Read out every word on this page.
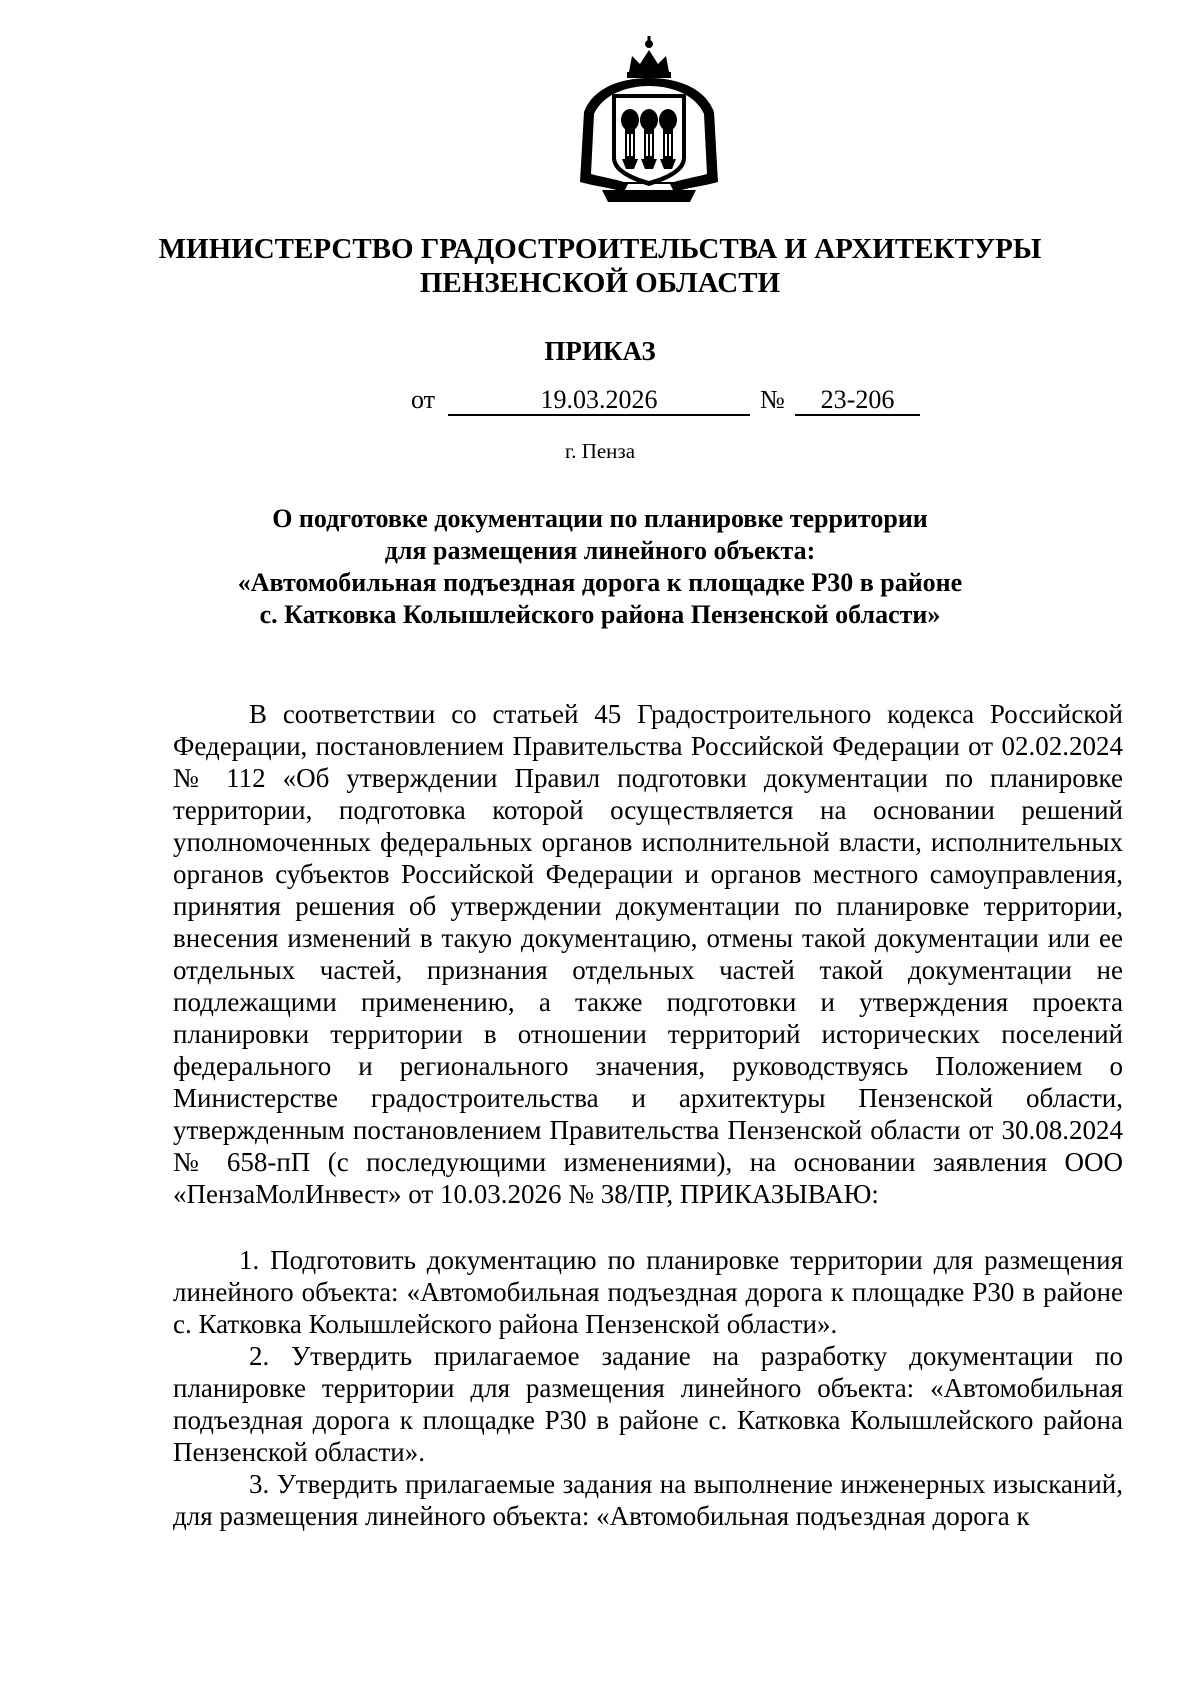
МИНИСТЕРСТВО ГРАДОСТРОИТЕЛЬСТВА И АРХИТЕКТУРЫ
ПЕНЗЕНСКОЙ ОБЛАСТИ
ПРИКАЗ
от	19.03.2026	№	23-206
г. Пенза
О подготовке документации по планировке территории
для размещения линейного объекта:
«Автомобильная подъездная дорога к площадке Р30 в районе
с. Катковка Колышлейского района Пензенской области»

В соответствии со статьей 45 Градостроительного кодекса Российской Федерации, постановлением Правительства Российской Федерации от 02.02.2024 № 112 «Об утверждении Правил подготовки документации по планировке территории, подготовка которой осуществляется на основании решений уполномоченных федеральных органов исполнительной власти, исполнительных органов субъектов Российской Федерации и органов местного самоуправления, принятия решения об утверждении документации по планировке территории, внесения изменений в такую документацию, отмены такой документации или ее отдельных частей, признания отдельных частей такой документации не подлежащими применению, а также подготовки и утверждения проекта планировки территории в отношении территорий исторических поселений федерального и регионального значения, руководствуясь Положением о Министерстве градостроительства и архитектуры Пензенской области, утвержденным постановлением Правительства Пензенской области от 30.08.2024 № 658-пП (с последующими изменениями), на основании заявления ООО «ПензаМолИнвест» от 10.03.2026 № 38/ПР, ПРИКАЗЫВАЮ:

1. Подготовить документацию по планировке территории для размещения линейного объекта: «Автомобильная подъездная дорога к площадке Р30 в районе с. Катковка Колышлейского района Пензенской области».

2. Утвердить прилагаемое задание на разработку документации по планировке территории для размещения линейного объекта: «Автомобильная подъездная дорога к площадке Р30 в районе с. Катковка Колышлейского района Пензенской области».

3. Утвердить прилагаемые задания на выполнение инженерных изысканий, для размещения линейного объекта: «Автомобильная подъездная дорога к
